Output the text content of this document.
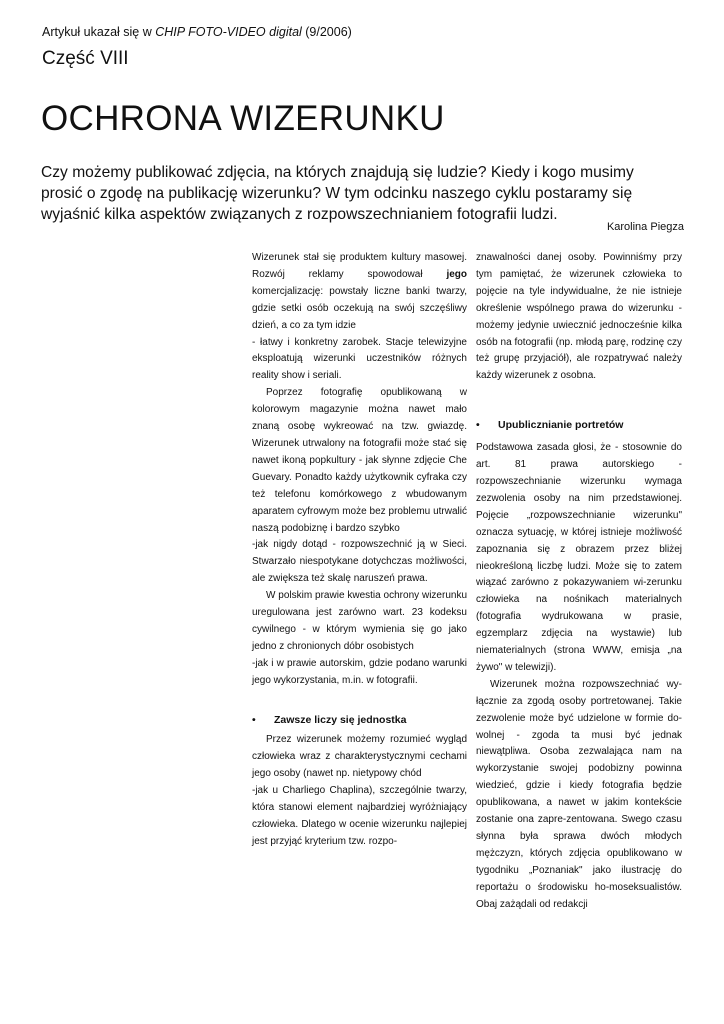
Artykuł ukazał się w CHIP FOTO-VIDEO digital (9/2006)
Część VIII
OCHRONA WIZERUNKU
Czy możemy publikować zdjęcia, na których znajdują się ludzie? Kiedy i kogo musimy prosić o zgodę na publikację wizerunku? W tym odcinku naszego cyklu postaramy się wyjaśnić kilka aspektów związanych z rozpowszechnianiem fotografii ludzi.
Karolina Piegza

Wizerunek stał się produktem kultury masowej. Rozwój reklamy spowodował jego komercjalizację: powstały liczne banki twarzy, gdzie setki osób oczekują na swój szczęśliwy dzień, a co za tym idzie

- łatwy i konkretny zarobek. Stacje telewizyjne eksploatują wizerunki uczestników różnych reality show i seriali.

Poprzez fotografię opublikowaną w kolorowym magazynie można nawet mało znaną osobę wykreować na tzw. gwiazdę. Wizerunek utrwalony na fotografii może stać się nawet ikoną popkultury - jak słynne zdjęcie Che Guevary. Ponadto każdy użytkownik cyfraka czy też telefonu komórkowego z wbudowanym aparatem cyfrowym może bez problemu utrwalić naszą podobiznę i bardzo szybko

-jak nigdy dotąd - rozpowszechnić ją w Sieci. Stwarzało niespotykane dotychczas możliwości, ale zwiększa też skalę naruszeń prawa.

W polskim prawie kwestia ochrony wizerunku uregulowana jest zarówno wart. 23 kodeksu cywilnego - w którym wymienia się go jako jedno z chronionych dóbr osobistych

-jak i w prawie autorskim, gdzie podano warunki jego wykorzystania, m.in. w fotografii.

• Zawsze liczy się jednostka

Przez wizerunek możemy rozumieć wygląd człowieka wraz z charakterystycznymi cechami jego osoby (nawet np. nietypowy chód

-jak u Charliego Chaplina), szczególnie twarzy, która stanowi element najbardziej wyróżniający człowieka. Dlatego w ocenie wizerunku najlepiej jest przyjąć kryterium tzw. rozpo-

znawalności danej osoby. Powinniśmy przy tym pamiętać, że wizerunek człowieka to pojęcie na tyle indywidualne, że nie istnieje określenie wspólnego prawa do wizerunku - możemy jedynie uwiecznić jednocześnie kilka osób na fotografii (np. młodą parę, rodzinę czy też grupę przyjaciół), ale rozpatrywać należy każdy wizerunek z osobna.

• Upublicznianie portretów

Podstawowa zasada głosi, że - stosownie do art. 81 prawa autorskiego - rozpowszechnianie wizerunku wymaga zezwolenia osoby na nim przedstawionej. Pojęcie „rozpowszechnianie wizerunku" oznacza sytuację, w której istnieje możliwość zapoznania się z obrazem przez bliżej nieokreśloną liczbę ludzi. Może się to zatem wiązać zarówno z pokazywaniem wi-zerunku człowieka na nośnikach materialnych (fotografia wydrukowana w prasie, egzemplarz zdjęcia na wystawie) lub niematerialnych (strona WWW, emisja „na żywo" w telewizji).

Wizerunek można rozpowszechniać wy-łącznie za zgodą osoby portretowanej. Takie zezwolenie może być udzielone w formie do-wolnej - zgoda ta musi być jednak niewątpliwa. Osoba zezwalająca nam na wykorzystanie swojej podobizny powinna wiedzieć, gdzie i kiedy fotografia będzie opublikowana, a nawet w jakim kontekście zostanie ona zapre-zentowana. Swego czasu słynna była sprawa dwóch młodych mężczyzn, których zdjęcia opublikowano w tygodniku „Poznaniak" jako ilustrację do reportażu o środowisku ho-moseksualistów. Obaj zażądali od redakcji
